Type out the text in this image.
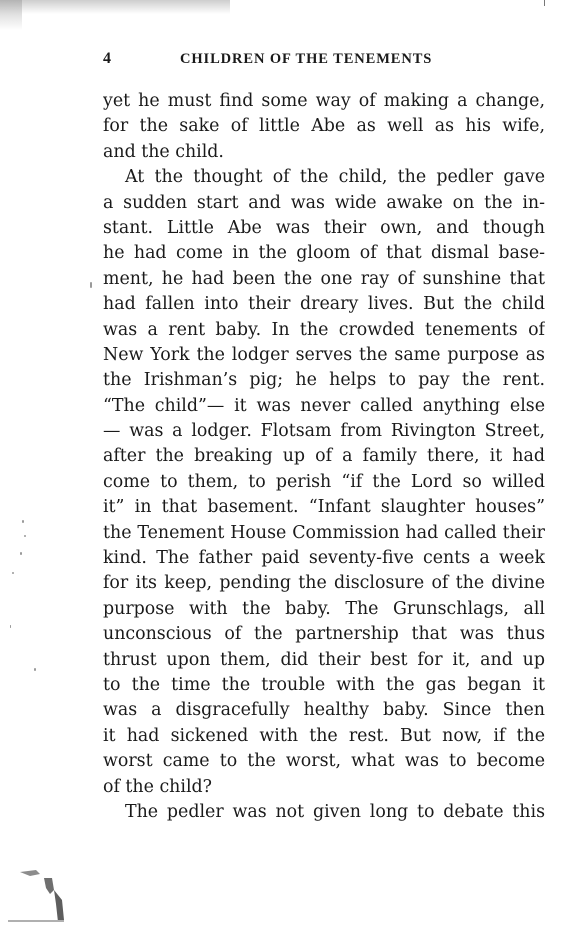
4	CHILDREN OF THE TENEMENTS
yet he must find some way of making a change,
for the sake of little Abe as well as his wife,
and the child.
At the thought of the child, the pedler gave
a sudden start and was wide awake on the in-
stant. Little Abe was their own, and though
he had come in the gloom of that dismal base-
ment, he had been the one ray of sunshine that
had fallen into their dreary lives. But the child
was a rent baby. In the crowded tenements of
New York the lodger serves the same purpose as
the Irishman’s pig; he helps to pay the rent.
“The child”— it was never called anything else
— was a lodger. Flotsam from Rivington Street,
after the breaking up of a family there, it had
come to them, to perish “if the Lord so willed
it” in that basement. “Infant slaughter houses”
the Tenement House Commission had called their
kind. The father paid seventy-five cents a week
for its keep, pending the disclosure of the divine
purpose with the baby. The Grunschlags, all
unconscious of the partnership that was thus
thrust upon them, did their best for it, and up
to the time the trouble with the gas began it
was a disgracefully healthy baby. Since then
it had sickened with the rest. But now, if the
worst came to the worst, what was to become
of the child?
The pedler was not given long to debate this
